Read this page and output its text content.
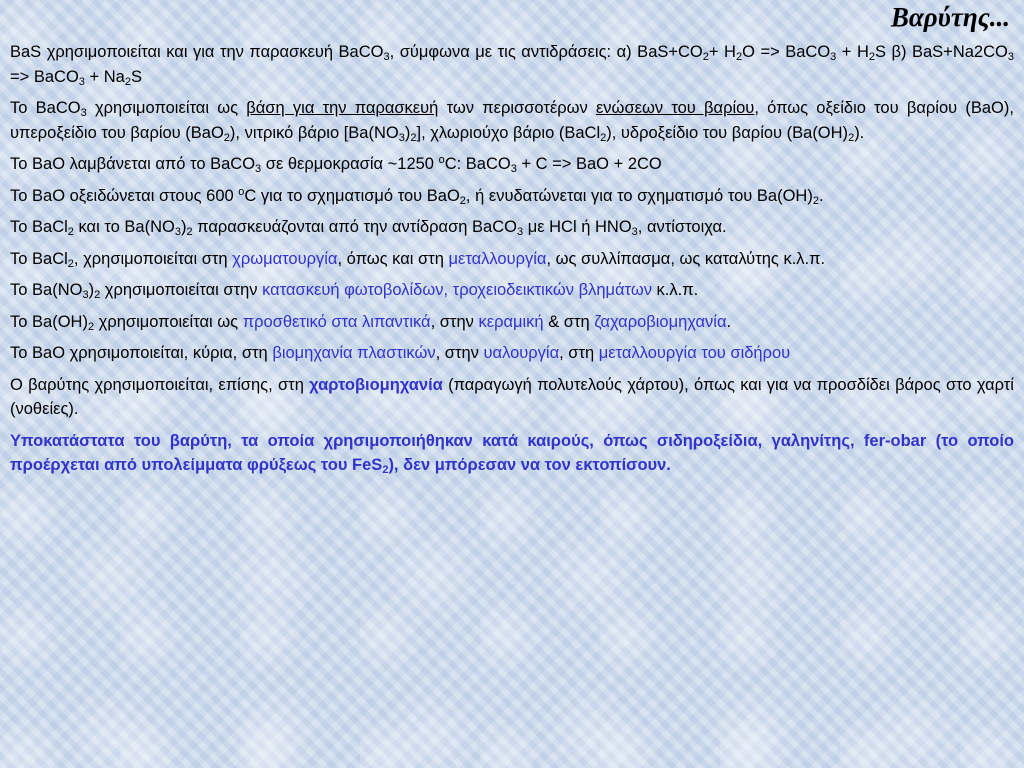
Βαρύτης...

BaS χρησιμοποιείται και για την παρασκευή BaCO$_3$, σύμφωνα με τις αντιδράσεις: α) $BaS+CO_2+ H_2O$ => BaCO$_3$ + $H_2S$ β) $BaS+Na2CO_3$ => BaCO$_3$ + $Na_2S$

Το BaCO$_3$ χρησιμοποιείται ως βάση για την παρασκευή των περισσοτέρων ενώσεων του βαρίου, όπως οξείδιο του βαρίου (BaO), υπεροξείδιο του βαρίου (BaO$_2$), νιτρικό βάριο $[Ba(NO_3)_2]$, χλωριούχο βάριο (BaCl$_2$), υδροξείδιο του βαρίου $(Ba(OH)_2)$.

Το BaO λαμβάνεται από το BaCO$_3$ σε θερμοκρασία ~1250 $^o$C: BaCO$_3$ + C => BaO + 2CO

Το BaO οξειδώνεται στους 600 $^o$C για το σχηματισμό του BaO$_2$, ή ενυδατώνεται για το σχηματισμό του $Ba(OH)_2$.

Το BaCl$_2$ και το $Ba(NO_3)_2$ παρασκευάζονται από την αντίδραση BaCO$_3$ με HCl ή $HNO_3$, αντίστοιχα.

Το BaCl$_2$, χρησιμοποιείται στη χρωματουργία, όπως και στη μεταλλουργία, ως συλλίπασμα, ως καταλύτης κ.λ.π.

Το $Ba(NO_3)_2$ χρησιμοποιείται στην κατασκευή φωτοβολίδων, τροχειοδεικτικών βλημάτων κ.λ.π.

Το $Ba(OH)_2$ χρησιμοποιείται ως προσθετικό στα λιπαντικά, στην κεραμική & στη ζαχαροβιομηχανία.

Το BaO χρησιμοποιείται, κύρια, στη βιομηχανία πλαστικών, στην υαλουργία, στη μεταλλουργία του σιδήρου

Ο βαρύτης χρησιμοποιείται, επίσης, στη χαρτοβιομηχανία (παραγωγή πολυτελούς χάρτου), όπως και για να προσδίδει βάρος στο χαρτί (νοθείες).

Υποκατάστατα του βαρύτη, τα οποία χρησιμοποιήθηκαν κατά καιρούς, όπως σιδηροξείδια, γαληνίτης, fer-obar (το οποίο προέρχεται από υπολείμματα φρύξεως του FeS$_2$), δεν μπόρεσαν να τον εκτοπίσουν.
